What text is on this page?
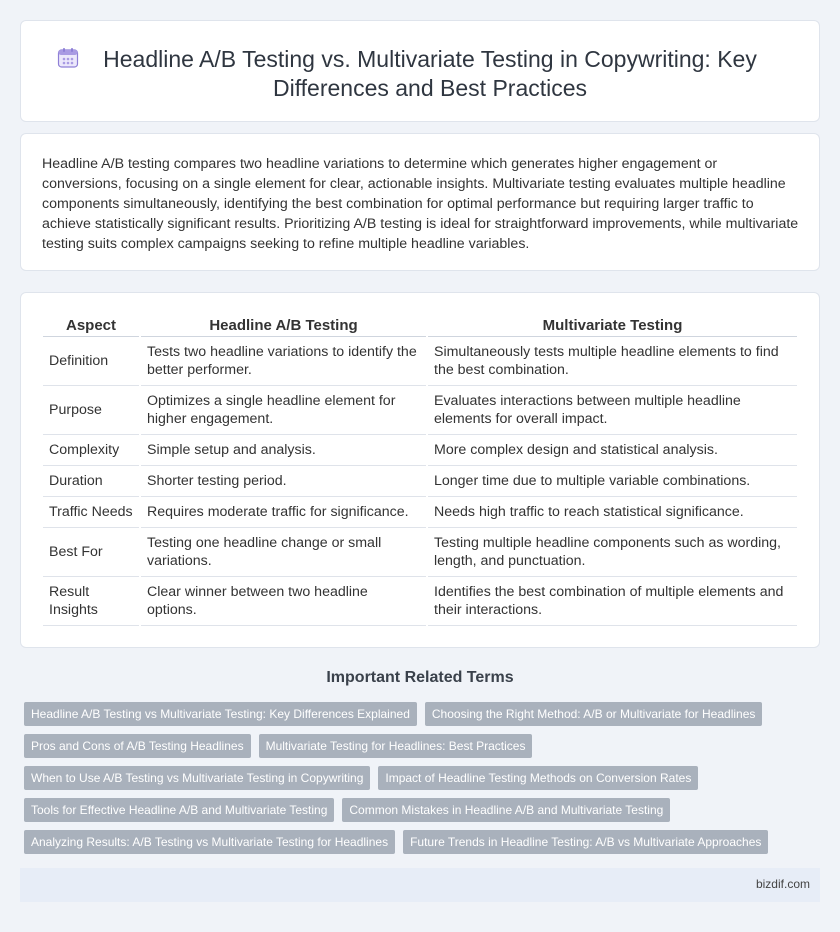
Headline A/B Testing vs. Multivariate Testing in Copywriting: Key Differences and Best Practices

Headline A/B testing compares two headline variations to determine which generates higher engagement or conversions, focusing on a single element for clear, actionable insights. Multivariate testing evaluates multiple headline components simultaneously, identifying the best combination for optimal performance but requiring larger traffic to achieve statistically significant results. Prioritizing A/B testing is ideal for straightforward improvements, while multivariate testing suits complex campaigns seeking to refine multiple headline variables.

Aspect	Headline A/B Testing	Multivariate Testing
Definition	Tests two headline variations to identify the better performer.	Simultaneously tests multiple headline elements to find the best combination.
Purpose	Optimizes a single headline element for higher engagement.	Evaluates interactions between multiple headline elements for overall impact.
Complexity	Simple setup and analysis.	More complex design and statistical analysis.
Duration	Shorter testing period.	Longer time due to multiple variable combinations.
Traffic Needs	Requires moderate traffic for significance.	Needs high traffic to reach statistical significance.
Best For	Testing one headline change or small variations.	Testing multiple headline components such as wording, length, and punctuation.
Result Insights	Clear winner between two headline options.	Identifies the best combination of multiple elements and their interactions.
Important Related Terms
Headline A/B Testing vs Multivariate Testing: Key Differences Explained	Choosing the Right Method: A/B or Multivariate for Headlines
Pros and Cons of A/B Testing Headlines	Multivariate Testing for Headlines: Best Practices
When to Use A/B Testing vs Multivariate Testing in Copywriting	Impact of Headline Testing Methods on Conversion Rates
Tools for Effective Headline A/B and Multivariate Testing	Common Mistakes in Headline A/B and Multivariate Testing
Analyzing Results: A/B Testing vs Multivariate Testing for Headlines	Future Trends in Headline Testing: A/B vs Multivariate Approaches
bizdif.com
